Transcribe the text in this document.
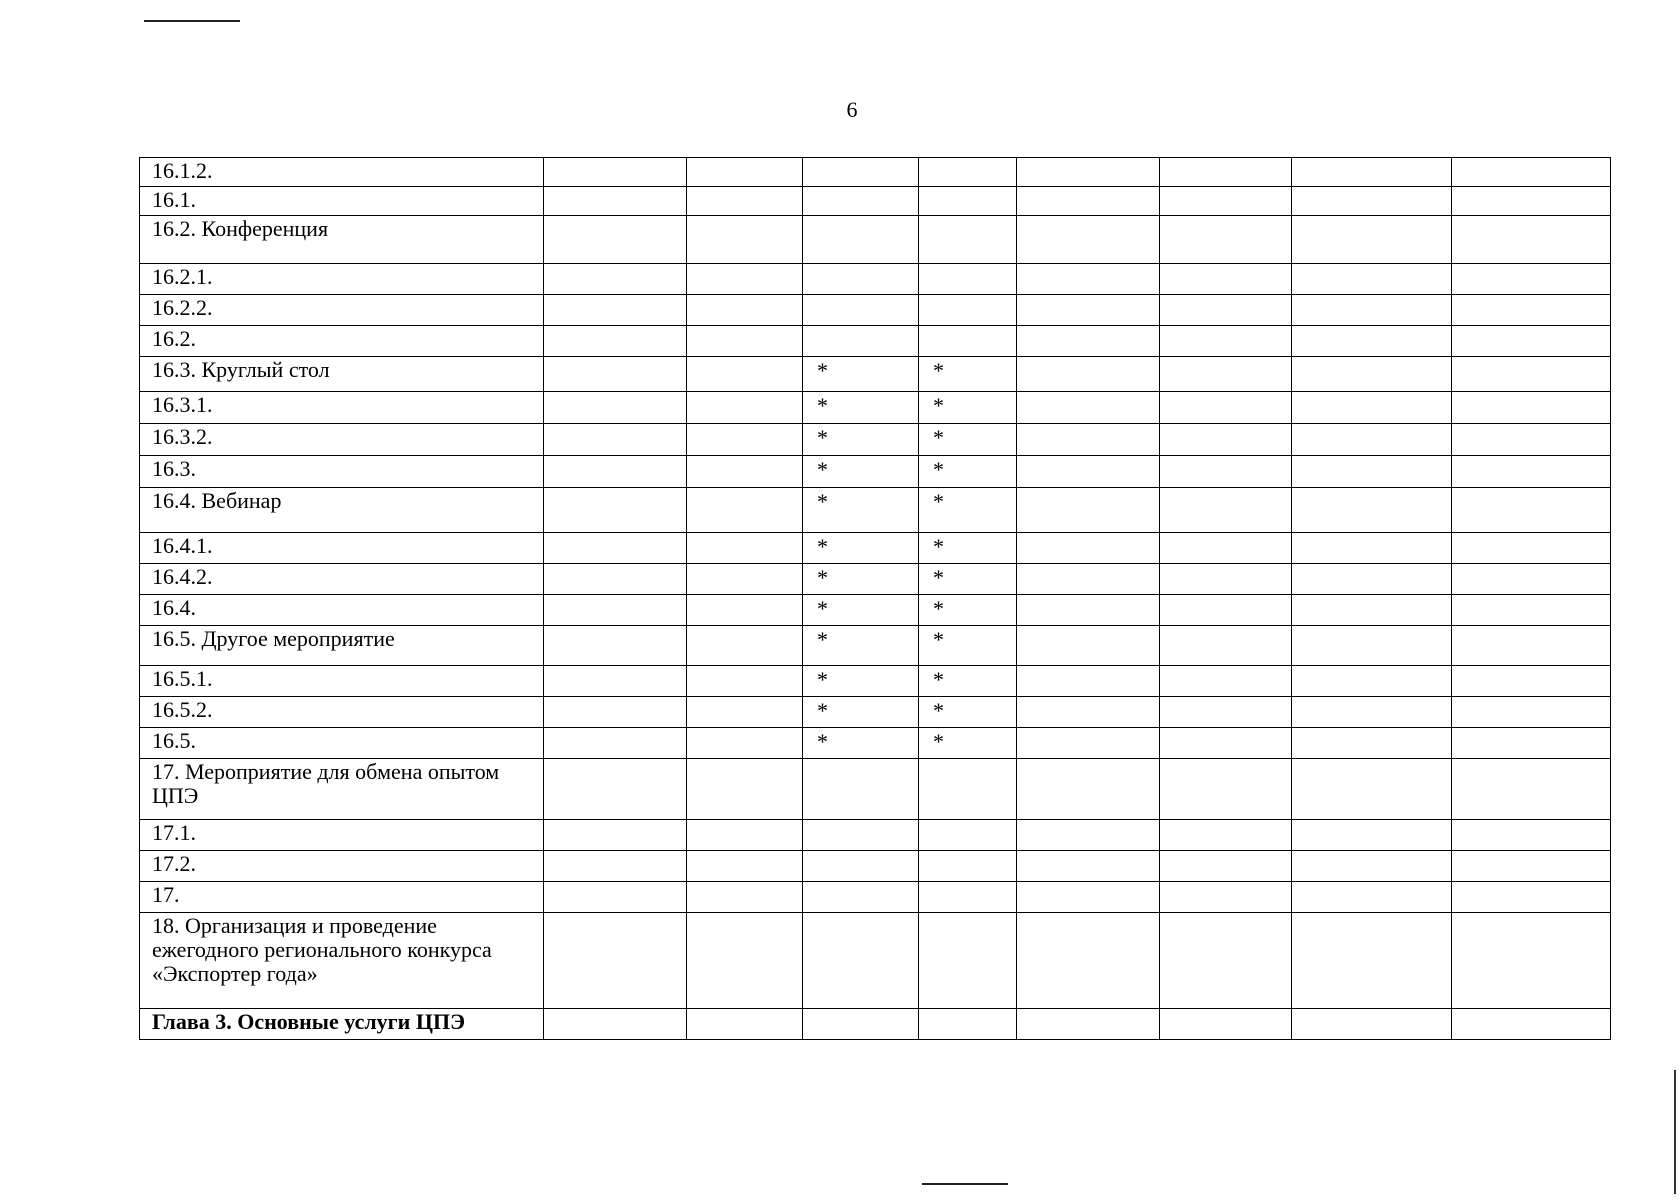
6
16.1.2.								
16.1.								
16.2. Конференция								
16.2.1.								
16.2.2.								
16.2.								
16.3. Круглый стол			*	*				
16.3.1.			*	*				
16.3.2.			*	*				
16.3.			*	*				
16.4. Вебинар			*	*				
16.4.1.			*	*				
16.4.2.			*	*				
16.4.			*	*				
16.5. Другое мероприятие			*	*				
16.5.1.			*	*				
16.5.2.			*	*				
16.5.			*	*				
17. Мероприятие для обмена опытом ЦПЭ								
17.1.								
17.2.								
17.								
18. Организация и проведение ежегодного регионального конкурса «Экспортер года»								
Глава 3. Основные услуги ЦПЭ								
